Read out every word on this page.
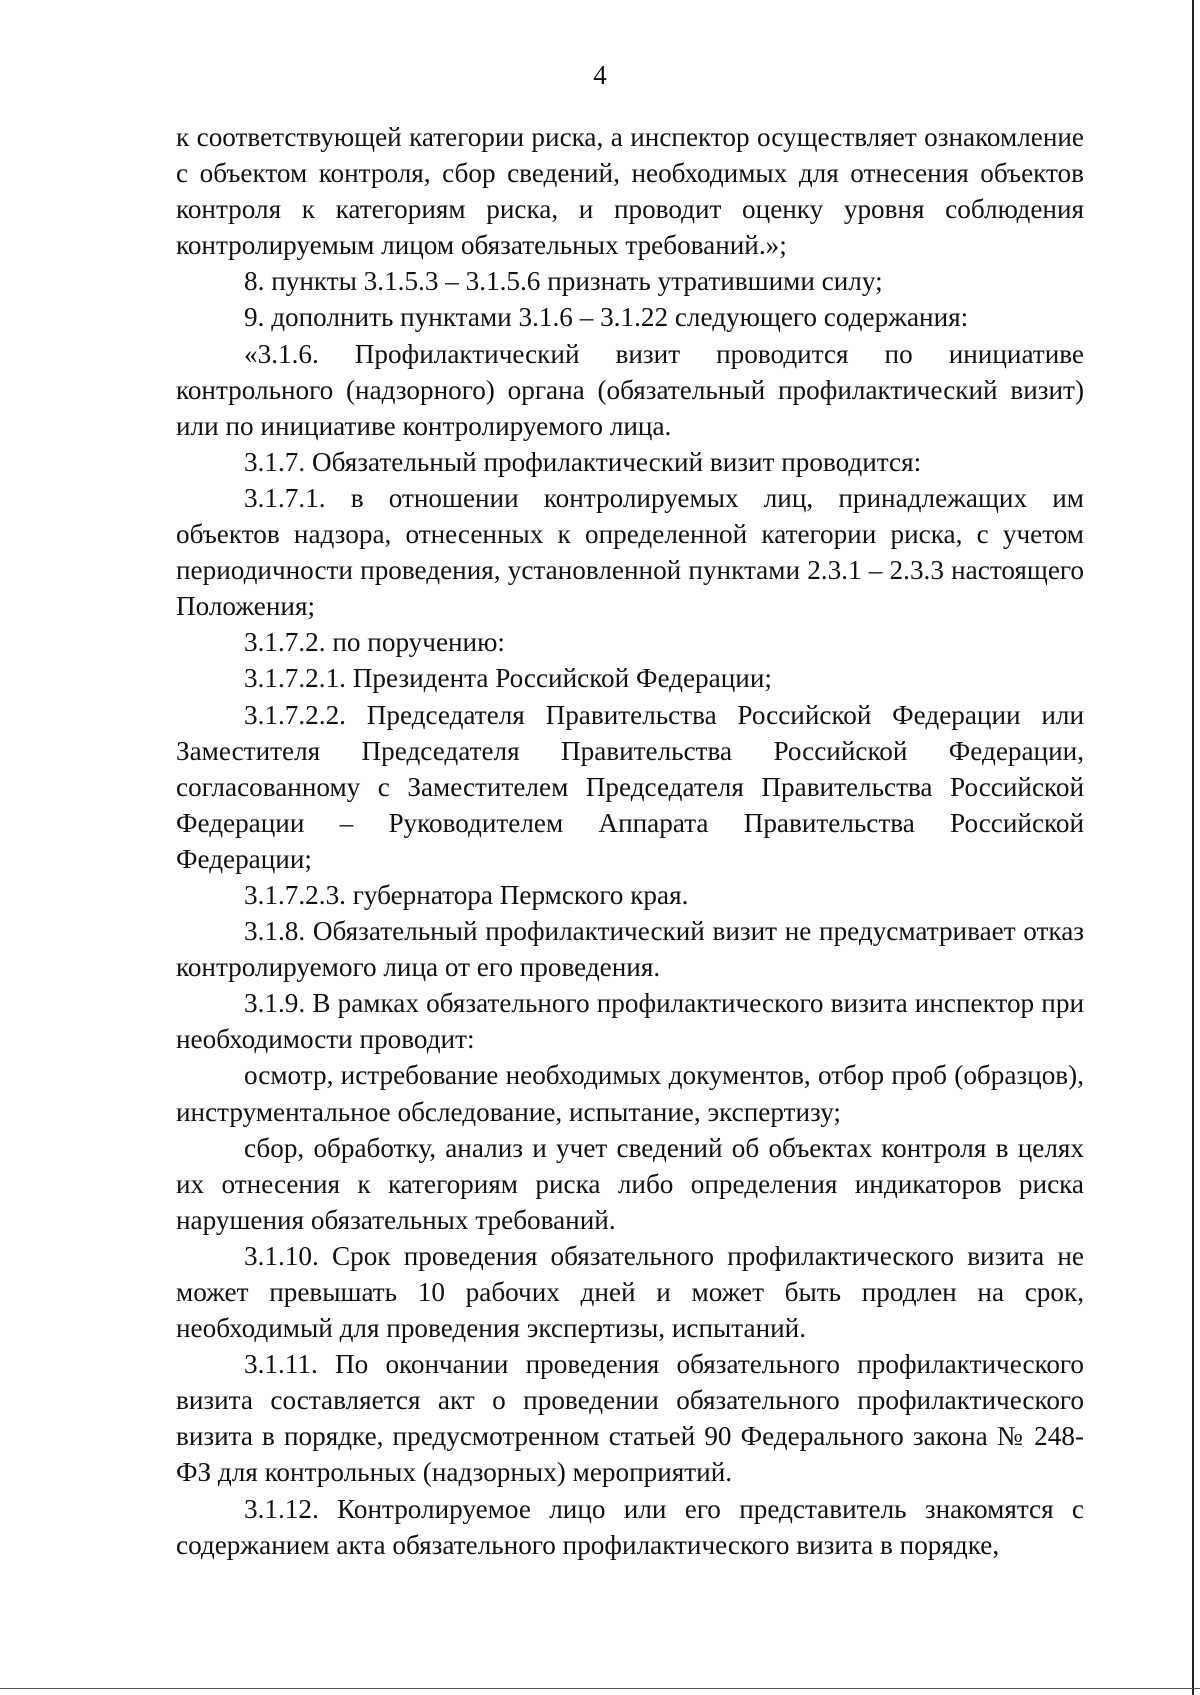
4

к соответствующей категории риска, а инспектор осуществляет ознакомление с объектом контроля, сбор сведений, необходимых для отнесения объектов контроля к категориям риска, и проводит оценку уровня соблюдения контролируемым лицом обязательных требований.»;

8. пункты 3.1.5.3 – 3.1.5.6 признать утратившими силу;

9. дополнить пунктами 3.1.6 – 3.1.22 следующего содержания:

«3.1.6. Профилактический визит проводится по инициативе контрольного (надзорного) органа (обязательный профилактический визит) или по инициативе контролируемого лица.

3.1.7. Обязательный профилактический визит проводится:

3.1.7.1. в отношении контролируемых лиц, принадлежащих им объектов надзора, отнесенных к определенной категории риска, с учетом периодичности проведения, установленной пунктами 2.3.1 – 2.3.3 настоящего Положения;

3.1.7.2. по поручению:

3.1.7.2.1. Президента Российской Федерации;

3.1.7.2.2. Председателя Правительства Российской Федерации или Заместителя Председателя Правительства Российской Федерации, согласованному с Заместителем Председателя Правительства Российской Федерации – Руководителем Аппарата Правительства Российской Федерации;

3.1.7.2.3. губернатора Пермского края.

3.1.8. Обязательный профилактический визит не предусматривает отказ контролируемого лица от его проведения.

3.1.9. В рамках обязательного профилактического визита инспектор при необходимости проводит:

осмотр, истребование необходимых документов, отбор проб (образцов), инструментальное обследование, испытание, экспертизу;

сбор, обработку, анализ и учет сведений об объектах контроля в целях их отнесения к категориям риска либо определения индикаторов риска нарушения обязательных требований.

3.1.10. Срок проведения обязательного профилактического визита не может превышать 10 рабочих дней и может быть продлен на срок, необходимый для проведения экспертизы, испытаний.

3.1.11. По окончании проведения обязательного профилактического визита составляется акт о проведении обязательного профилактического визита в порядке, предусмотренном статьей 90 Федерального закона № 248-ФЗ для контрольных (надзорных) мероприятий.

3.1.12. Контролируемое лицо или его представитель знакомятся с содержанием акта обязательного профилактического визита в порядке,
